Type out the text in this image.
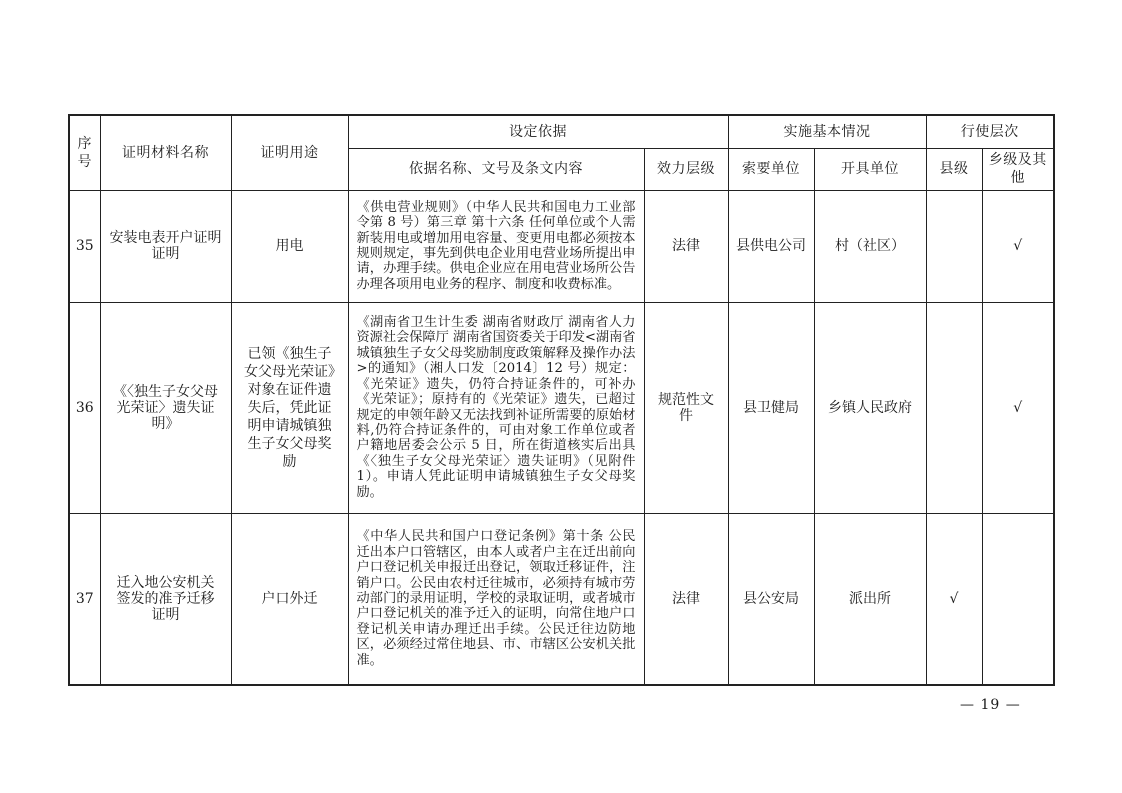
序
号	证明材料名称	证明用途	设定依据		实施基本情况		行使层次	
			依据名称、文号及条文内容	效力层级	索要单位	开具单位	县级	乡级及其他
35	安装电表开户证明证明	用电	《供电营业规则》（中华人民共和国电力工业部令第 8 号）第三章 第十六条 任何单位或个人需新装用电或增加用电容量、变更用电都必须按本规则规定，事先到供电企业用电营业场所提出申请，办理手续。供电企业应在用电营业场所公告办理各项用电业务的程序、制度和收费标准。	法律	县供电公司	村（社区）		√
36	《〈独生子女父母光荣证〉遗失证明》	已领《独生子女父母光荣证》对象在证件遗失后，凭此证明申请城镇独生子女父母奖励	《湖南省卫生计生委 湖南省财政厅 湖南省人力资源社会保障厅 湖南省国资委关于印发<湖南省城镇独生子女父母奖励制度政策解释及操作办法>的通知》（湘人口发〔2014〕12 号）规定：《光荣证》遗失，仍符合持证条件的，可补办《光荣证》；原持有的《光荣证》遗失，已超过规定的申领年龄又无法找到补证所需要的原始材料,仍符合持证条件的，可由对象工作单位或者户籍地居委会公示 5 日，所在街道核实后出具《〈独生子女父母光荣证〉遗失证明》（见附件 1）。申请人凭此证明申请城镇独生子女父母奖励。	规范性文件	县卫健局	乡镇人民政府		√
37	迁入地公安机关签发的准予迁移证明	户口外迁	《中华人民共和国户口登记条例》第十条 公民迁出本户口管辖区，由本人或者户主在迁出前向户口登记机关申报迁出登记，领取迁移证件，注销户口。公民由农村迁往城市，必须持有城市劳动部门的录用证明，学校的录取证明，或者城市户口登记机关的准予迁入的证明，向常住地户口登记机关申请办理迁出手续。公民迁往边防地区，必须经过常住地县、市、市辖区公安机关批准。	法律	县公安局	派出所	√	
— 19 —
